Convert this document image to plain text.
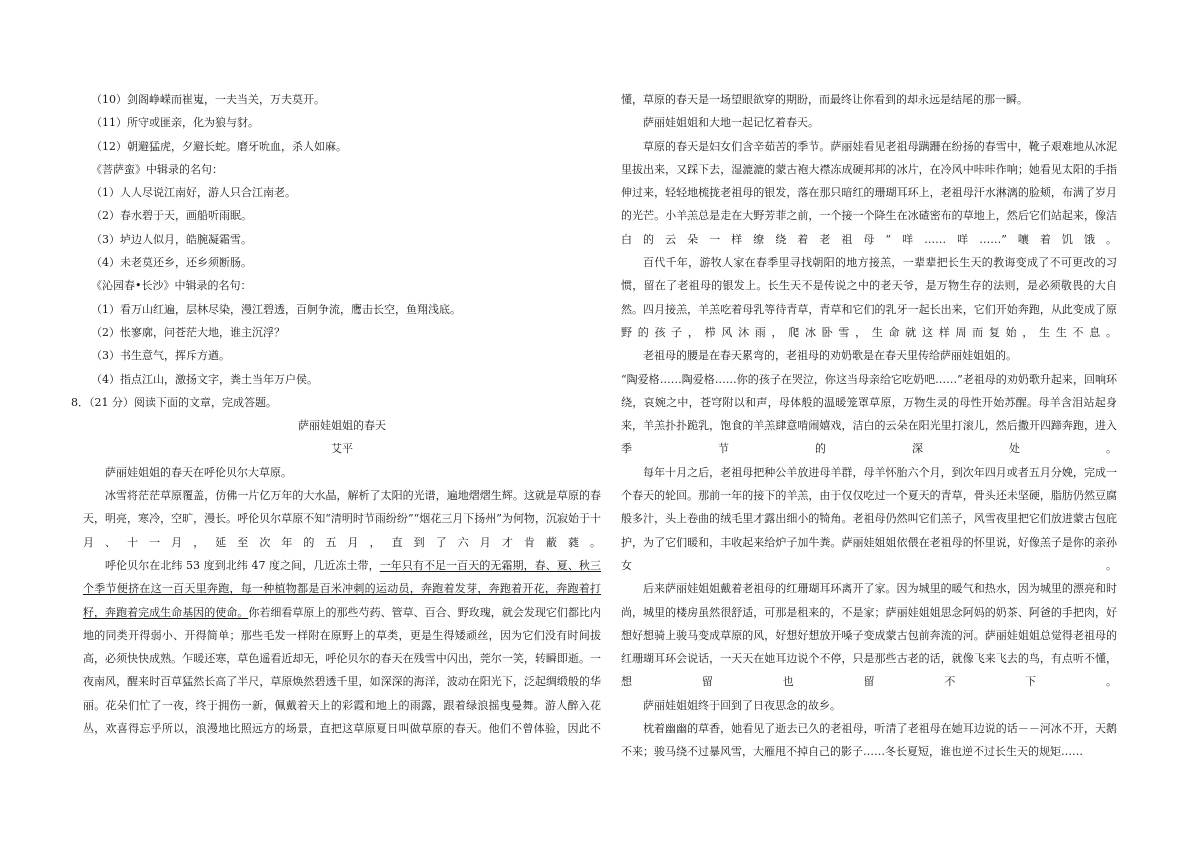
（10）剑阁峥嵘而崔嵬，一夫当关，万夫莫开。

（11）所守或匪亲，化为狼与豺。

（12）朝避猛虎，夕避长蛇。磨牙吮血，杀人如麻。

《菩萨蛮》中辑录的名句：

（1）人人尽说江南好，游人只合江南老。

（2）春水碧于天，画船听雨眠。

（3）垆边人似月，皓腕凝霜雪。

（4）未老莫还乡，还乡须断肠。

《沁园春•长沙》中辑录的名句：

（1）看万山红遍，层林尽染，漫江碧透，百舸争流，鹰击长空，鱼翔浅底。

（2）怅寥廓，问苍茫大地，谁主沉浮？

（3）书生意气，挥斥方遒。

（4）指点江山，激扬文字，粪土当年万户侯。

8．（21 分）阅读下面的文章，完成答题。

萨丽娃姐姐的春天

艾平

萨丽娃姐姐的春天在呼伦贝尔大草原。

冰雪将茫茫草原覆盖，仿佛一片亿万年的大水晶，解析了太阳的光谱，遍地熠熠生辉。这就是草原的春天，明亮，寒冷，空旷，漫长。呼伦贝尔草原不知“清明时节雨纷纷”“烟花三月下扬州”为何物，沉寂始于十月、十一月，延至次年的五月，直到了六月才肯蔽蕤。

呼伦贝尔在北纬 53 度到北纬 47 度之间，几近冻土带，一年只有不足一百天的无霜期，春、夏、秋三个季节便挤在这一百天里奔跑，每一种植物都是百米冲刺的运动员，奔跑着发芽，奔跑着开花，奔跑着打籽，奔跑着完成生命基因的使命。你若细看草原上的那些芍药、管草、百合、野玫瑰，就会发现它们都比内地的同类开得弱小、开得简单；那些毛发一样附在原野上的草类，更是生得矮顽丝，因为它们没有时间拔高，必须快快成熟。乍暖还寒，草色遥看近却无，呼伦贝尔的春天在残雪中闪出，莞尔一笑，转瞬即逝。一夜南风，醒来时百草猛然长高了半尺，草原焕然碧透千里，如深深的海洋，波动在阳光下，泛起绸缎般的华丽。花朵们忙了一夜，终于拥伤一新，佩戴着天上的彩霞和地上的雨露，跟着绿浪摇曳曼舞。游人醉入花丛，欢喜得忘乎所以，浪漫地比照远方的场景，直把这草原夏日叫做草原的春天。他们不曾体验，因此不

懂，草原的春天是一场望眼欲穿的期盼，而最终让你看到的却永远是结尾的那一瞬。

萨丽娃姐姐和大地一起记忆着春天。

草原的春天是妇女们含辛茹苦的季节。萨丽娃看见老祖母蹒跚在纷扬的春雪中，靴子艰难地从冰泥里拔出来，又踩下去，湿漉漉的蒙古袍大襟冻成硬邦邦的冰片，在冷风中咔咔作响；她看见太阳的手指伸过来，轻轻地梳拢老祖母的银发，落在那只暗红的珊瑚耳环上，老祖母汗水淋漓的脸颊，布满了岁月的光芒。小羊羔总是走在大野芳菲之前，一个接一个降生在冰碴密布的草地上，然后它们站起来，像洁白的云朵一样缭绕着老祖母“咩……咩……”嚷着饥饿。

百代千年，游牧人家在春季里寻找朝阳的地方接羔，一辈辈把长生天的教诲变成了不可更改的习惯，留在了老祖母的银发上。长生天不是传说之中的老天爷，是万物生存的法则，是必须敬畏的大自然。四月接羔，羊羔吃着母乳等待青草，青草和它们的乳牙一起长出来，它们开始奔跑，从此变成了原野的孩子，栉风沐雨，爬冰卧雪，生命就这样周而复始，生生不息。

老祖母的腰是在春天累弯的，老祖母的劝奶歌是在春天里传给萨丽娃姐姐的。

“陶爱格……陶爱格……你的孩子在哭泣，你这当母亲给它吃奶吧……”老祖母的劝奶歌升起来，回响环绕，哀婉之中，苍穹附以和声，母体般的温暖笼罩草原，万物生灵的母性开始苏醒。母羊含泪站起身来，羊羔扑扑跪乳，饱食的羊羔肆意啃闹嬉戏，洁白的云朵在阳光里打滚儿，然后撒开四蹄奔跑，进入季节的深处。

每年十月之后，老祖母把种公羊放进母羊群，母羊怀胎六个月，到次年四月或者五月分娩，完成一个春天的轮回。那前一年的接下的羊羔，由于仅仅吃过一个夏天的青草，骨头还未坚硬，脂肪仍然豆腐般多汁，头上卷曲的绒毛里才露出细小的犄角。老祖母仍然叫它们羔子，风雪夜里把它们放进蒙古包庇护，为了它们暖和，丰收起来给炉子加牛粪。萨丽娃姐姐依偎在老祖母的怀里说，好像羔子是你的亲孙女。

后来萨丽娃姐姐戴着老祖母的红珊瑚耳环离开了家。因为城里的暖气和热水，因为城里的漂亮和时尚，城里的楼房虽然很舒适，可那是租来的，不是家；萨丽娃姐姐思念阿妈的奶茶、阿爸的手把肉，好想好想骑上骏马变成草原的风，好想好想放开嗓子变成蒙古包前奔流的河。萨丽娃姐姐总觉得老祖母的红珊瑚耳环会说话，一天天在她耳边说个不停，只是那些古老的话，就像飞来飞去的鸟，有点听不懂，想留也留不下。

萨丽娃姐姐终于回到了日夜思念的故乡。

枕着幽幽的草香，她看见了逝去已久的老祖母，听清了老祖母在她耳边说的话－－河冰不开，天鹅不来；骏马绕不过暴风雪，大雁甩不掉自己的影子……冬长夏短，谁也逆不过长生天的规矩……
